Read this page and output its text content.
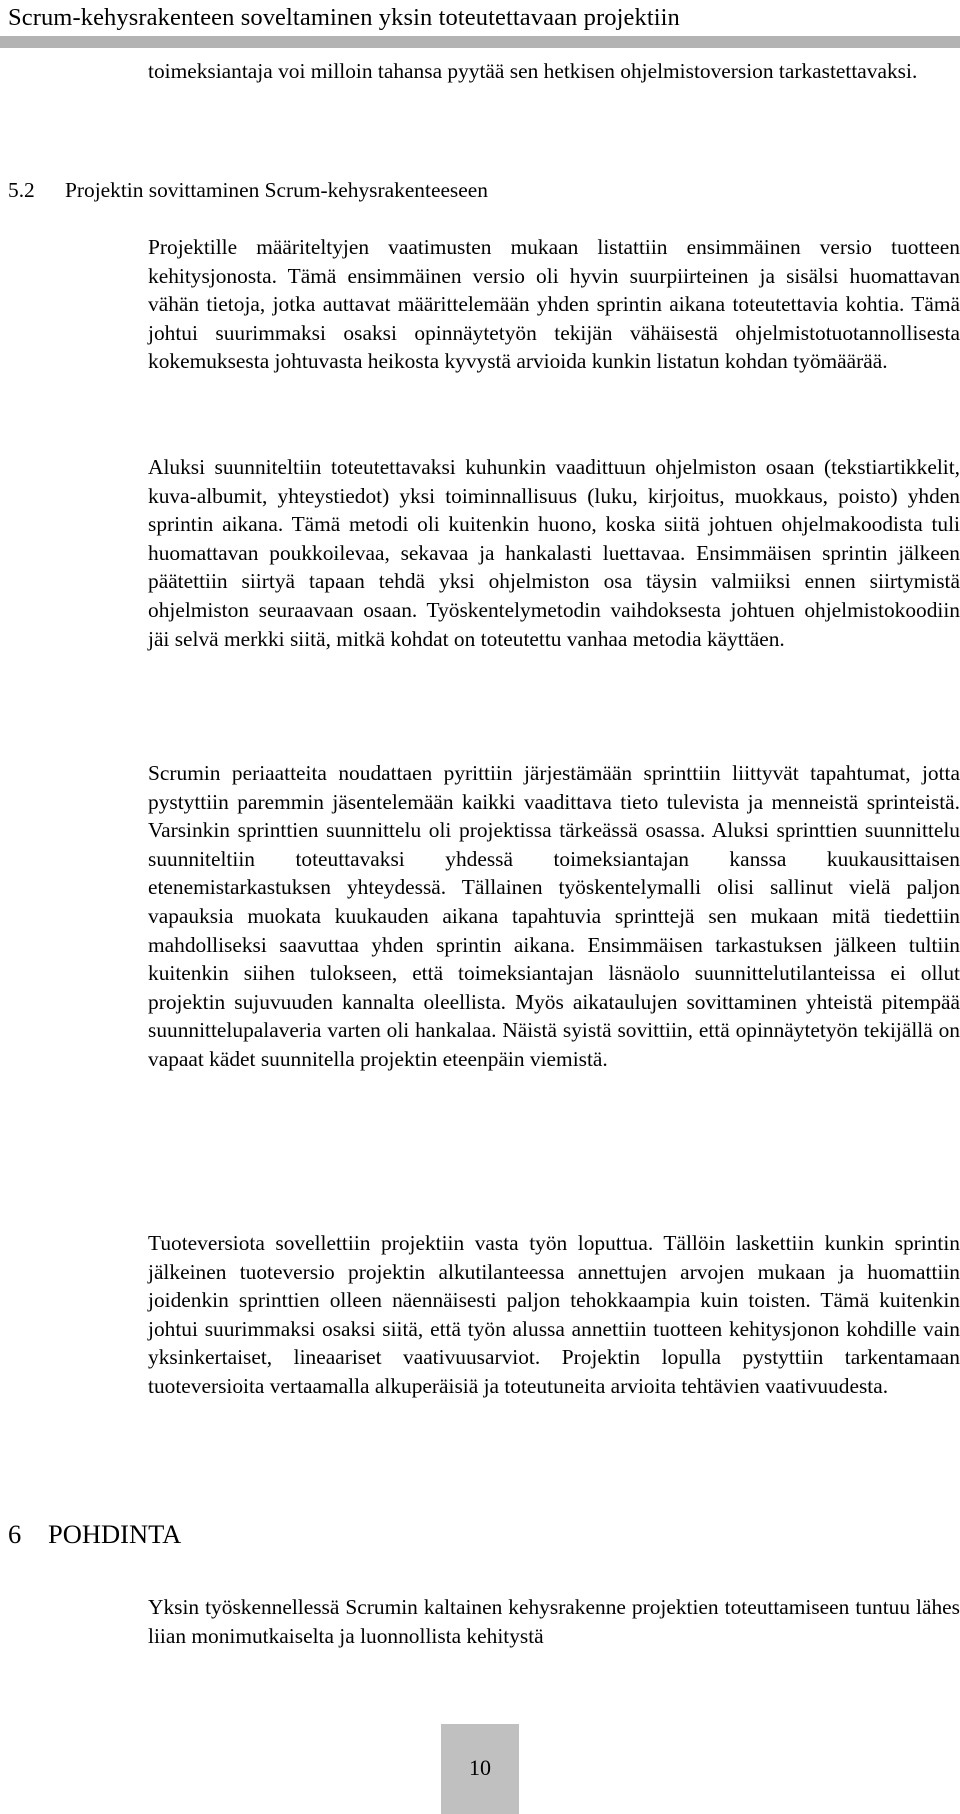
Scrum-kehysrakenteen soveltaminen yksin toteutettavaan projektiin

toimeksiantaja voi milloin tahansa pyytää sen hetkisen ohjelmistoversion tarkastettavaksi.

5.2 Projektin sovittaminen Scrum-kehysrakenteeseen

Projektille määriteltyjen vaatimusten mukaan listattiin ensimmäinen versio tuotteen kehitysjonosta. Tämä ensimmäinen versio oli hyvin suurpiirteinen ja sisälsi huomattavan vähän tietoja, jotka auttavat määrittelemään yhden sprintin aikana toteutettavia kohtia. Tämä johtui suurimmaksi osaksi opinnäytetyön tekijän vähäisestä ohjelmistotuotannollisesta kokemuksesta johtuvasta heikosta kyvystä arvioida kunkin listatun kohdan työmäärää.

Aluksi suunniteltiin toteutettavaksi kuhunkin vaadittuun ohjelmiston osaan (tekstiartikkelit, kuva-albumit, yhteystiedot) yksi toiminnallisuus (luku, kirjoitus, muokkaus, poisto) yhden sprintin aikana. Tämä metodi oli kuitenkin huono, koska siitä johtuen ohjelmakoodista tuli huomattavan poukkoilevaa, sekavaa ja hankalasti luettavaa. Ensimmäisen sprintin jälkeen päätettiin siirtyä tapaan tehdä yksi ohjelmiston osa täysin valmiiksi ennen siirtymistä ohjelmiston seuraavaan osaan. Työskentelymetodin vaihdoksesta johtuen ohjelmistokoodiin jäi selvä merkki siitä, mitkä kohdat on toteutettu vanhaa metodia käyttäen.

Scrumin periaatteita noudattaen pyrittiin järjestämään sprinttiin liittyvät tapahtumat, jotta pystyttiin paremmin jäsentelemään kaikki vaadittava tieto tulevista ja menneistä sprinteistä. Varsinkin sprinttien suunnittelu oli projektissa tärkeässä osassa. Aluksi sprinttien suunnittelu suunniteltiin toteuttavaksi yhdessä toimeksiantajan kanssa kuukausittaisen etenemistarkastuksen yhteydessä. Tällainen työskentelymalli olisi sallinut vielä paljon vapauksia muokata kuukauden aikana tapahtuvia sprinttejä sen mukaan mitä tiedettiin mahdolliseksi saavuttaa yhden sprintin aikana. Ensimmäisen tarkastuksen jälkeen tultiin kuitenkin siihen tulokseen, että toimeksiantajan läsnäolo suunnittelutilanteissa ei ollut projektin sujuvuuden kannalta oleellista. Myös aikataulujen sovittaminen yhteistä pitempää suunnittelupalaveria varten oli hankalaa. Näistä syistä sovittiin, että opinnäytetyön tekijällä on vapaat kädet suunnitella projektin eteenpäin viemistä.

Tuoteversiota sovellettiin projektiin vasta työn loputtua. Tällöin laskettiin kunkin sprintin jälkeinen tuoteversio projektin alkutilanteessa annettujen arvojen mukaan ja huomattiin joidenkin sprinttien olleen näennäisesti paljon tehokkaampia kuin toisten. Tämä kuitenkin johtui suurimmaksi osaksi siitä, että työn alussa annettiin tuotteen kehitysjonon kohdille vain yksinkertaiset, lineaariset vaativuusarviot. Projektin lopulla pystyttiin tarkentamaan tuoteversioita vertaamalla alkuperäisiä ja toteutuneita arvioita tehtävien vaativuudesta.

6 POHDINTA

Yksin työskennellessä Scrumin kaltainen kehysrakenne projektien toteuttamiseen tuntuu lähes liian monimutkaiselta ja luonnollista kehitystä

10
